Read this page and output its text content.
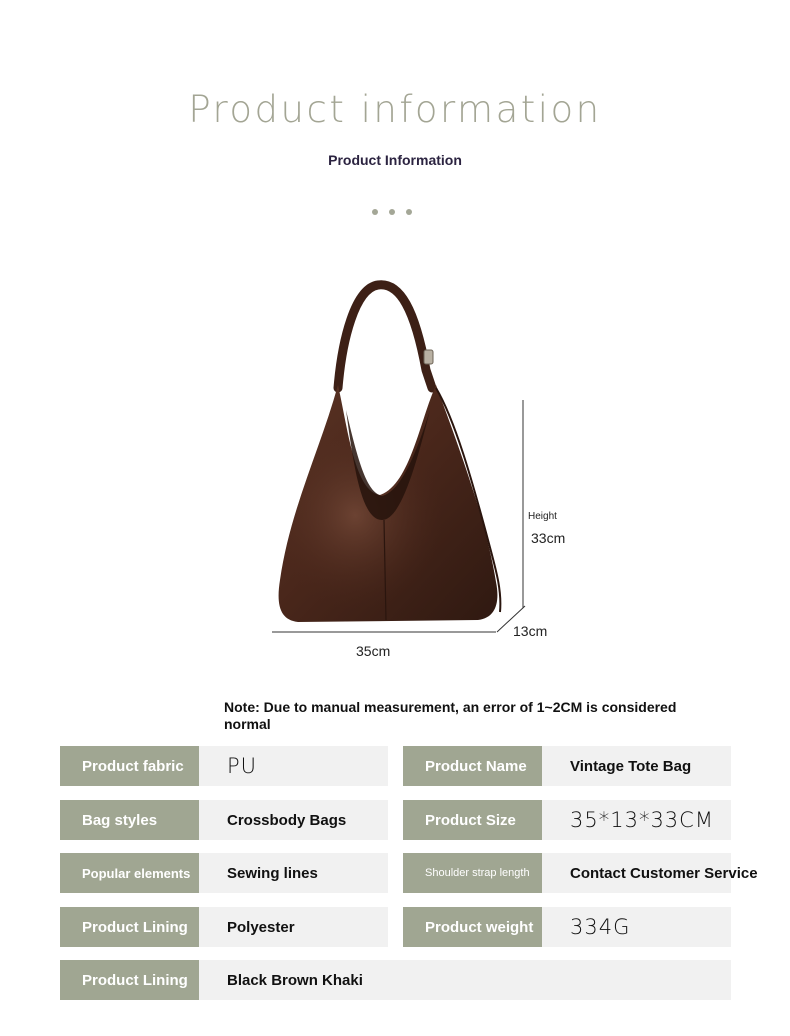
Product information
Product Information
Height
33cm
13cm
35cm
Note: Due to manual measurement, an error of 1~2CM is considered normal
Product fabric	PU
Bag styles	Crossbody Bags
Popular elements	Sewing lines
Product Lining	Polyester
Product Lining	Black Brown Khaki
Product Name	Vintage Tote Bag
Product Size	35*13*33CM
Shoulder strap length	Contact Customer Service
Product weight	334G
